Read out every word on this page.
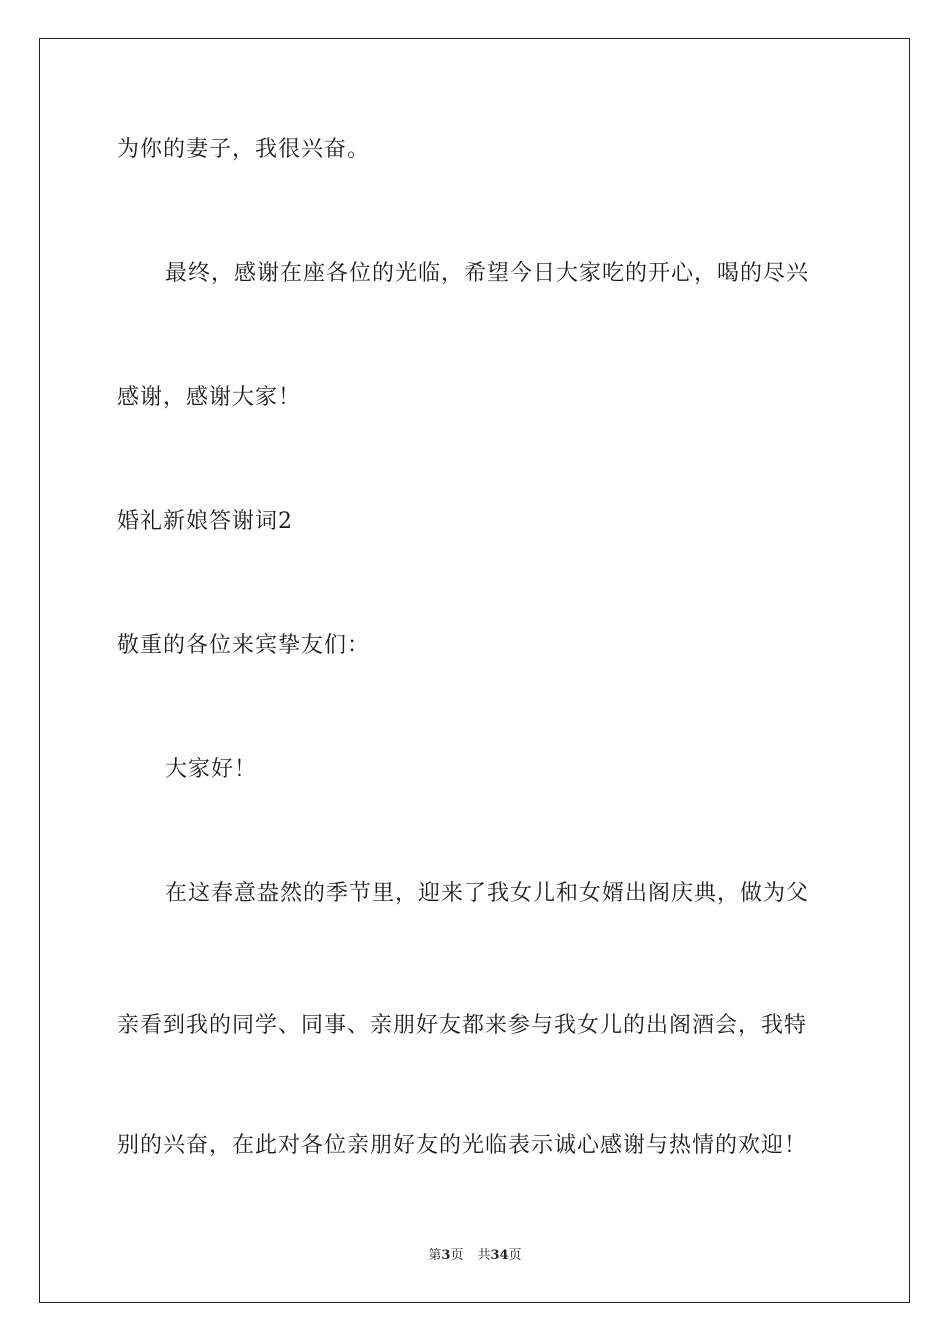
为你的妻子，我很兴奋。
最终，感谢在座各位的光临，希望今日大家吃的开心，喝的尽兴
感谢，感谢大家！
婚礼新娘答谢词2
敬重的各位来宾挚友们：
大家好！
在这春意盎然的季节里，迎来了我女儿和女婿出阁庆典，做为父
亲看到我的同学、同事、亲朋好友都来参与我女儿的出阁酒会，我特
别的兴奋，在此对各位亲朋好友的光临表示诚心感谢与热情的欢迎！
第3页 共34页
